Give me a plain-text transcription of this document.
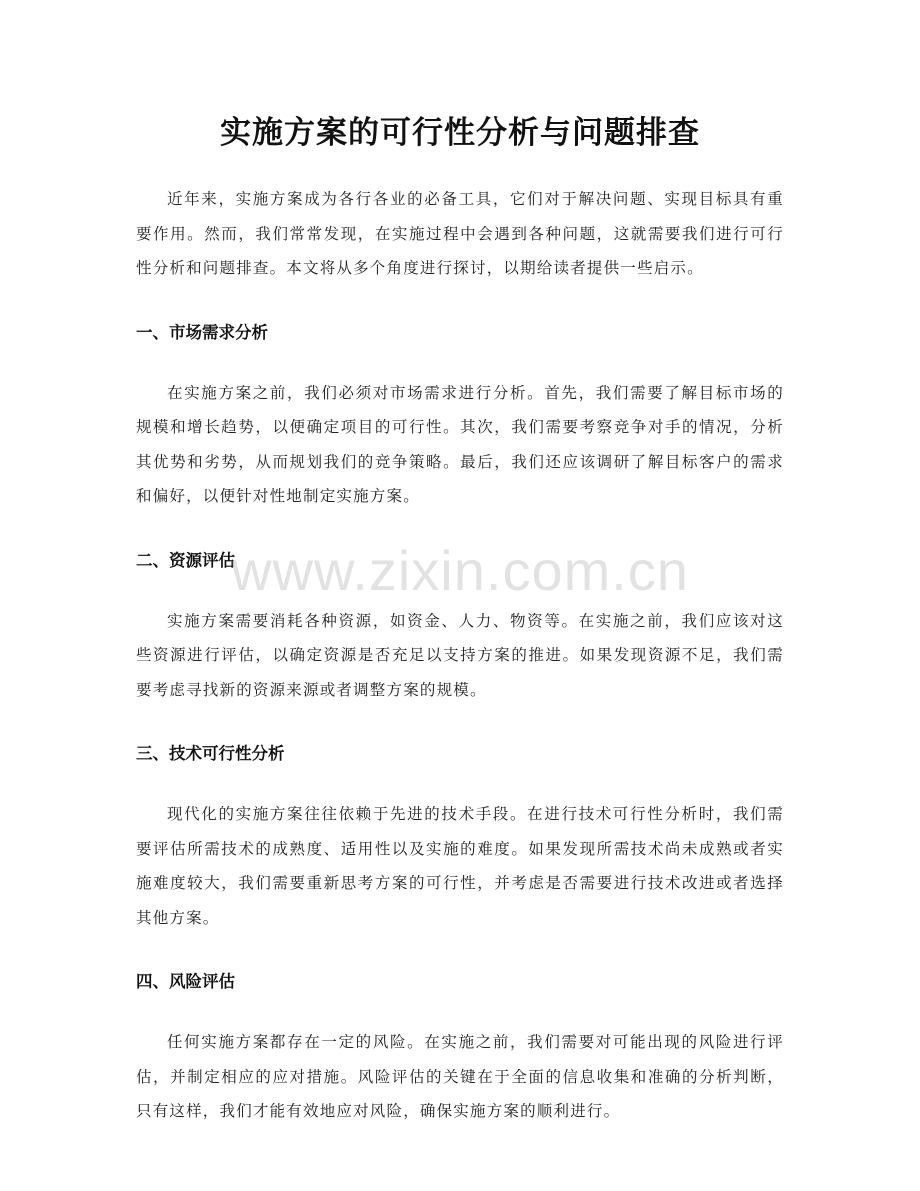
实施方案的可行性分析与问题排查

近年来，实施方案成为各行各业的必备工具，它们对于解决问题、实现目标具有重要作用。然而，我们常常发现，在实施过程中会遇到各种问题，这就需要我们进行可行性分析和问题排查。本文将从多个角度进行探讨，以期给读者提供一些启示。

一、市场需求分析

在实施方案之前，我们必须对市场需求进行分析。首先，我们需要了解目标市场的规模和增长趋势，以便确定项目的可行性。其次，我们需要考察竞争对手的情况，分析其优势和劣势，从而规划我们的竞争策略。最后，我们还应该调研了解目标客户的需求和偏好，以便针对性地制定实施方案。

二、资源评估

实施方案需要消耗各种资源，如资金、人力、物资等。在实施之前，我们应该对这些资源进行评估，以确定资源是否充足以支持方案的推进。如果发现资源不足，我们需要考虑寻找新的资源来源或者调整方案的规模。

三、技术可行性分析

现代化的实施方案往往依赖于先进的技术手段。在进行技术可行性分析时，我们需要评估所需技术的成熟度、适用性以及实施的难度。如果发现所需技术尚未成熟或者实施难度较大，我们需要重新思考方案的可行性，并考虑是否需要进行技术改进或者选择其他方案。

四、风险评估

任何实施方案都存在一定的风险。在实施之前，我们需要对可能出现的风险进行评估，并制定相应的应对措施。风险评估的关键在于全面的信息收集和准确的分析判断，只有这样，我们才能有效地应对风险，确保实施方案的顺利进行。

www.zixin.com.cn
